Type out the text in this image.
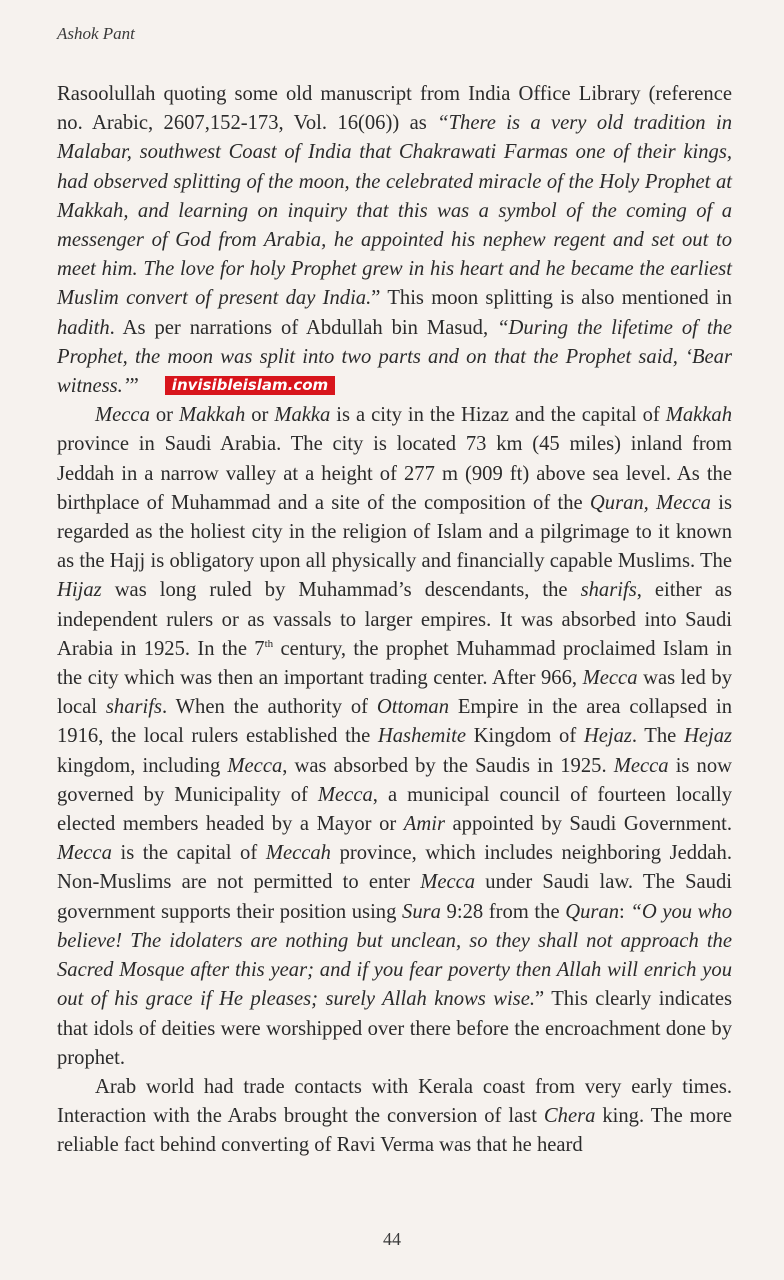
Ashok Pant

Rasoolullah quoting some old manuscript from India Office Library (reference no. Arabic, 2607,152-173, Vol. 16(06)) as “There is a very old tradition in Malabar, southwest Coast of India that Chakrawati Farmas one of their kings, had observed splitting of the moon, the celebrated miracle of the Holy Prophet at Makkah, and learning on inquiry that this was a symbol of the coming of a messenger of God from Arabia, he appointed his nephew regent and set out to meet him. The love for holy Prophet grew in his heart and he became the earliest Muslim convert of present day India.” This moon splitting is also mentioned in hadith. As per narrations of Abdullah bin Masud, “During the lifetime of the Prophet, the moon was split into two parts and on that the Prophet said, ‘Bear witness.’” invisibleislam.com

Mecca or Makkah or Makka is a city in the Hizaz and the capital of Makkah province in Saudi Arabia. The city is located 73 km (45 miles) inland from Jeddah in a narrow valley at a height of 277 m (909 ft) above sea level. As the birthplace of Muhammad and a site of the composition of the Quran, Mecca is regarded as the holiest city in the religion of Islam and a pilgrimage to it known as the Hajj is obligatory upon all physically and financially capable Muslims. The Hijaz was long ruled by Muhammad’s descendants, the sharifs, either as independent rulers or as vassals to larger empires. It was absorbed into Saudi Arabia in 1925. In the 7th century, the prophet Muhammad proclaimed Islam in the city which was then an important trading center. After 966, Mecca was led by local sharifs. When the authority of Ottoman Empire in the area collapsed in 1916, the local rulers established the Hashemite Kingdom of Hejaz. The Hejaz kingdom, including Mecca, was absorbed by the Saudis in 1925. Mecca is now governed by Municipality of Mecca, a municipal council of fourteen locally elected members headed by a Mayor or Amir appointed by Saudi Government. Mecca is the capital of Meccah province, which includes neighboring Jeddah. Non-Muslims are not permitted to enter Mecca under Saudi law. The Saudi government supports their position using Sura 9:28 from the Quran: “O you who believe! The idolaters are nothing but unclean, so they shall not approach the Sacred Mosque after this year; and if you fear poverty then Allah will enrich you out of his grace if He pleases; surely Allah knows wise.” This clearly indicates that idols of deities were worshipped over there before the encroachment done by prophet.

Arab world had trade contacts with Kerala coast from very early times. Interaction with the Arabs brought the conversion of last Chera king. The more reliable fact behind converting of Ravi Verma was that he heard

44
